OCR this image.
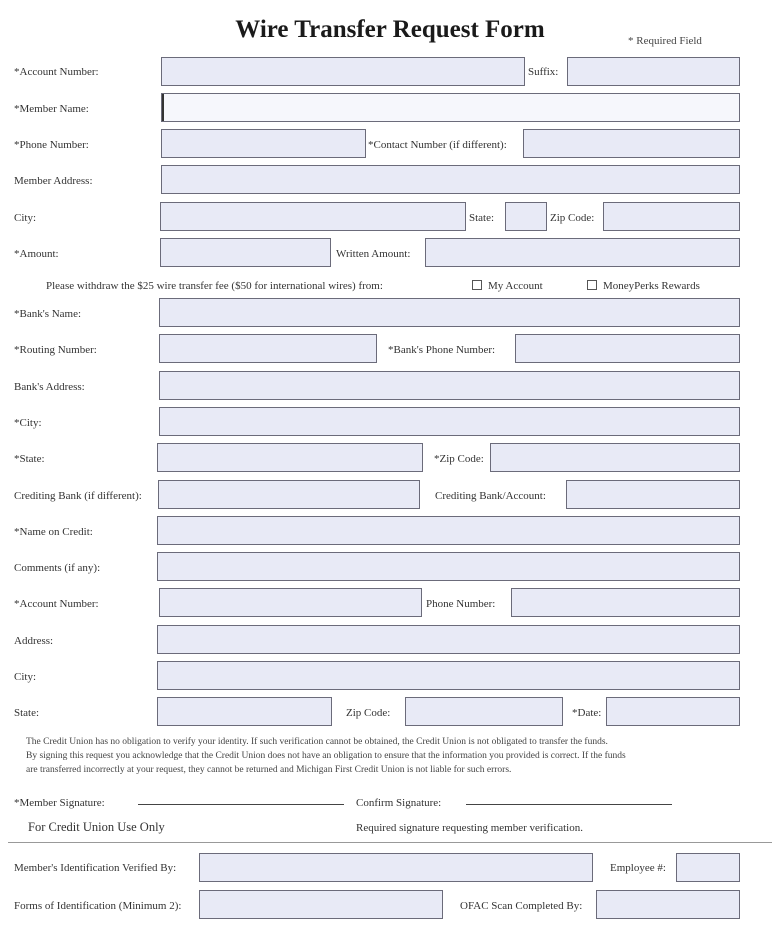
Wire Transfer Request Form	* Required Field
*Account Number:	Suffix:
*Member Name:
*Phone Number:	*Contact Number (if different):
Member Address:
City:	State:	Zip Code:
*Amount:	Written Amount:
Please withdraw the $25 wire transfer fee ($50 for international wires) from:	My Account	MoneyPerks Rewards
*Bank's Name:
*Routing Number:	*Bank's Phone Number:
Bank's Address:
*City:
*State:	*Zip Code:
Crediting Bank (if different):	Crediting Bank/Account:
*Name on Credit:
Comments (if any):
*Account Number:	Phone Number:
Address:
City:
State:	Zip Code:	*Date:
The Credit Union has no obligation to verify your identity. If such verification cannot be obtained, the Credit Union is not obligated to transfer the funds.
By signing this request you acknowledge that the Credit Union does not have an obligation to ensure that the information you provided is correct. If the funds
are transferred incorrectly at your request, they cannot be returned and Michigan First Credit Union is not liable for such errors.
*Member Signature:	Confirm Signature:
For Credit Union Use Only	Required signature requesting member verification.
Member's Identification Verified By:	Employee #:
Forms of Identification (Minimum 2):	OFAC Scan Completed By:
